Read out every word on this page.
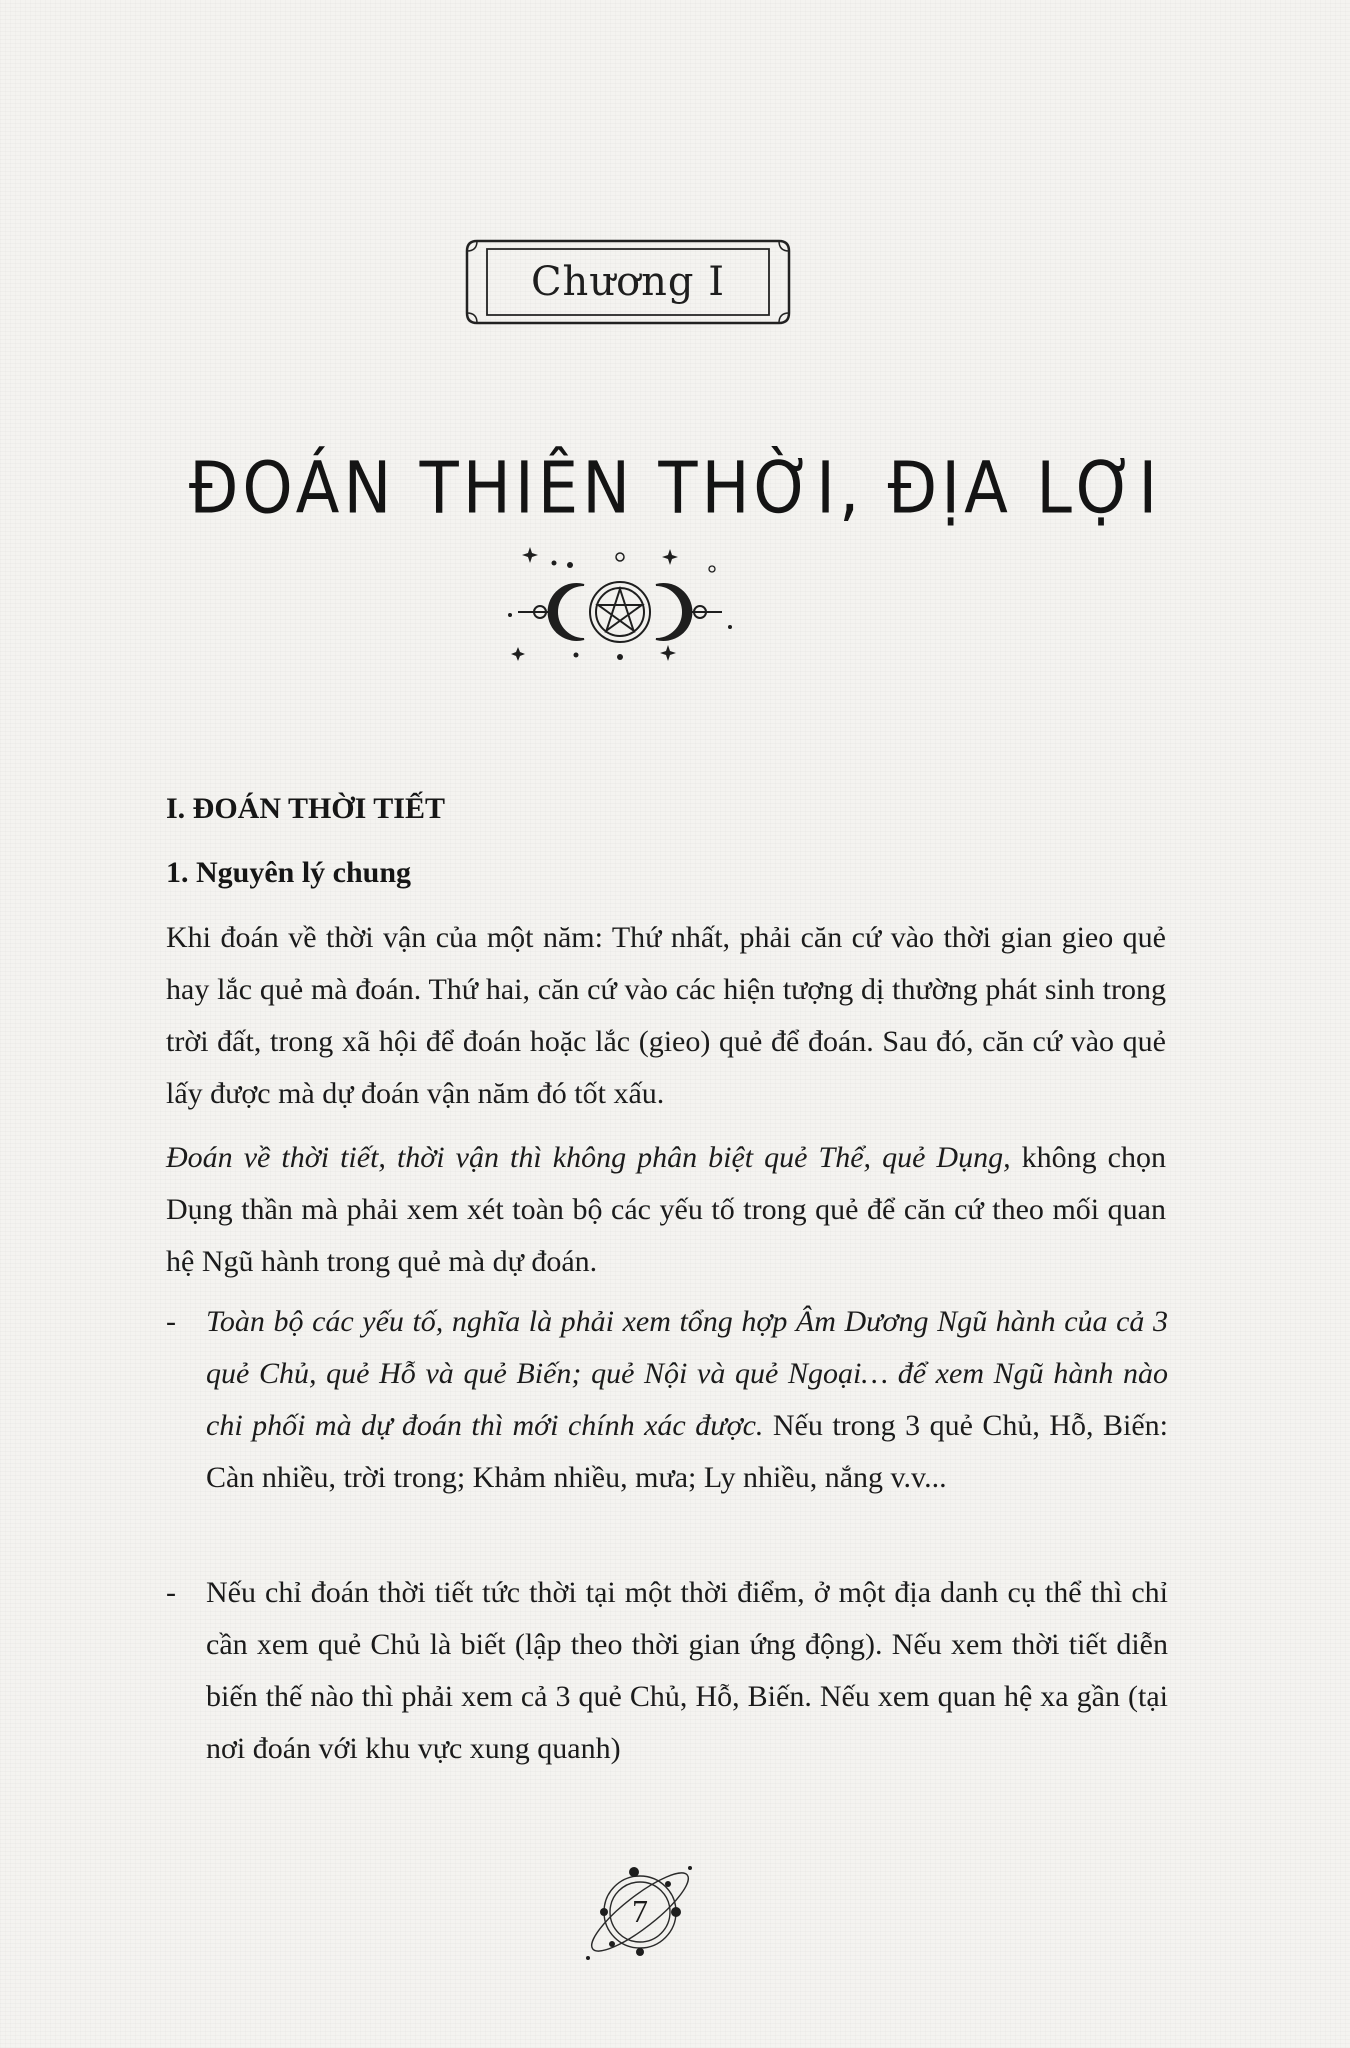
Chương I
ĐOÁN THIÊN THỜI, ĐỊA LỢI
I. ĐOÁN THỜI TIẾT
1. Nguyên lý chung
Khi đoán về thời vận của một năm: Thứ nhất, phải căn cứ vào thời gian gieo quẻ hay lắc quẻ mà đoán. Thứ hai, căn cứ vào các hiện tượng dị thường phát sinh trong trời đất, trong xã hội để đoán hoặc lắc (gieo) quẻ để đoán. Sau đó, căn cứ vào quẻ lấy được mà dự đoán vận năm đó tốt xấu.
Đoán về thời tiết, thời vận thì không phân biệt quẻ Thể, quẻ Dụng, không chọn Dụng thần mà phải xem xét toàn bộ các yếu tố trong quẻ để căn cứ theo mối quan hệ Ngũ hành trong quẻ mà dự đoán.
-	Toàn bộ các yếu tố, nghĩa là phải xem tổng hợp Âm Dương Ngũ hành của cả 3 quẻ Chủ, quẻ Hỗ và quẻ Biến; quẻ Nội và quẻ Ngoại… để xem Ngũ hành nào chi phối mà dự đoán thì mới chính xác được. Nếu trong 3 quẻ Chủ, Hỗ, Biến: Càn nhiều, trời trong; Khảm nhiều, mưa; Ly nhiều, nắng v.v...
-	Nếu chỉ đoán thời tiết tức thời tại một thời điểm, ở một địa danh cụ thể thì chỉ cần xem quẻ Chủ là biết (lập theo thời gian ứng động). Nếu xem thời tiết diễn biến thế nào thì phải xem cả 3 quẻ Chủ, Hỗ, Biến. Nếu xem quan hệ xa gần (tại nơi đoán với khu vực xung quanh)
7
